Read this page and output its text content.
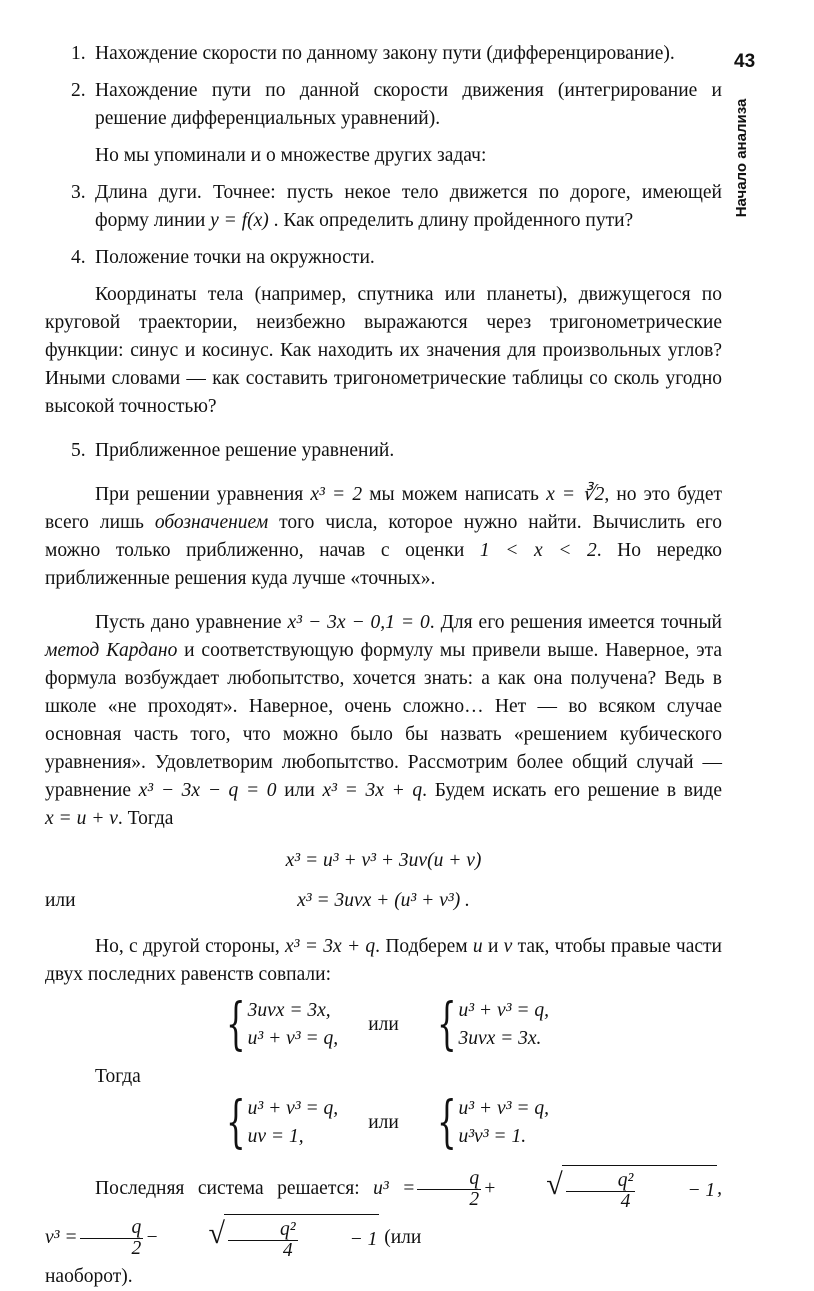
43
Начало анализа
1. Нахождение скорости по данному закону пути (дифференцирование).
2. Нахождение пути по данной скорости движения (интегрирование и решение дифференциальных уравнений).
Но мы упоминали и о множестве других задач:
3. Длина дуги. Точнее: пусть некое тело движется по дороге, имеющей форму линии y = f(x) . Как определить длину пройденного пути?
4. Положение точки на окружности.

Координаты тела (например, спутника или планеты), движущегося по круговой траектории, неизбежно выражаются через тригонометрические функции: синус и косинус. Как находить их значения для произвольных углов? Иными словами — как составить тригонометрические таблицы со сколь угодно высокой точностью?

5. Приближенное решение уравнений.

При решении уравнения x³ = 2 мы можем написать x = ∛2, но это будет всего лишь обозначением того числа, которое нужно найти. Вычислить его можно только приближенно, начав с оценки 1 < x < 2. Но нередко приближенные решения куда лучше «точных».

Пусть дано уравнение x³ − 3x − 0,1 = 0. Для его решения имеется точный метод Кардано и соответствующую формулу мы привели выше. Наверное, эта формула возбуждает любопытство, хочется знать: а как она получена? Ведь в школе «не проходят». Наверное, очень сложно… Нет — во всяком случае основная часть того, что можно было бы назвать «решением кубического уравнения». Удовлетворим любопытство. Рассмотрим более общий случай — уравнение x³ − 3x − q = 0 или x³ = 3x + q. Будем искать его решение в виде x = u + v. Тогда

x³ = u³ + v³ + 3uv(u + v)
или	x³ = 3uvx + (u³ + v³) .

Но, с другой стороны, x³ = 3x + q. Подберем u и v так, чтобы правые части двух последних равенств совпали:

{ 3uvx = 3x,
u³ + v³ = q,
или { u³ + v³ = q,
3uvx = 3x.
Тогда
{ u³ + v³ = q,
uv = 1,
или { u³ + v³ = q,
u³v³ = 1.

Последняя система решается: $u^3 = \frac{q}{2}$ +	√ $\frac{\text{q²}}{4}$	− 1 , $v^3 = \frac{q}{2}$ −	√ $\frac{\text{q²}}{4}$	− 1 (или

наоборот).
